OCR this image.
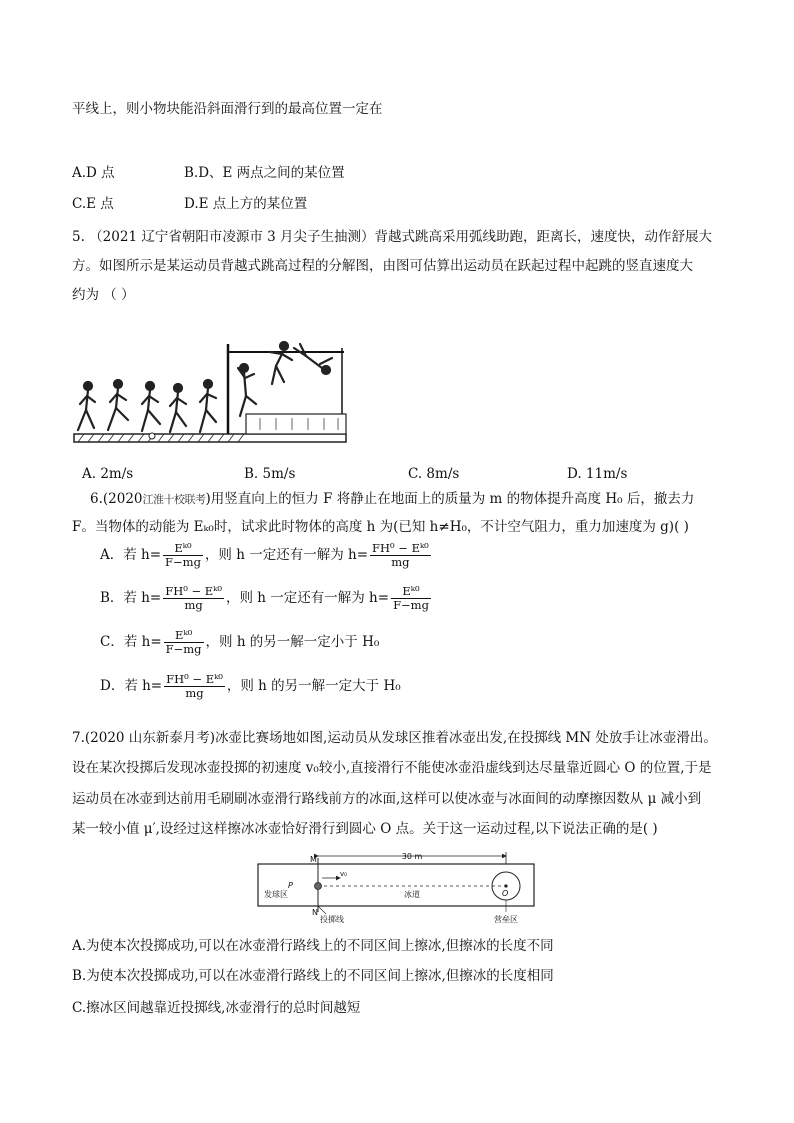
平线上，则小物块能沿斜面滑行到的最高位置一定在
A.D 点	B.D、E 两点之间的某位置
C.E 点	D.E 点上方的某位置
5. （2021 辽宁省朝阳市凌源市 3 月尖子生抽测）背越式跳高采用弧线助跑，距离长，速度快，动作舒展大
方。如图所示是某运动员背越式跳高过程的分解图，由图可估算出运动员在跃起过程中起跳的竖直速度大
约为 （ ）
A. 2m/s	B. 5m/s	C. 8m/s	D. 11m/s
6.(2020江淮十校联考)用竖直向上的恒力 F 将静止在地面上的质量为 m 的物体提升高度 H₀ 后，撤去力
F。当物体的动能为 Eₖ₀时，试求此时物体的高度 h 为(已知 h≠H₀，不计空气阻力，重力加速度为 g)( )
A．若 $h= \frac{\text{Eᵏ⁰}}{F-mg}$ ，则 h 一定还有一解为 $h= \frac{\text{FH⁰ − Eᵏ⁰}}{mg}$
B．若 $h= \frac{\text{FH⁰ − Eᵏ⁰}}{mg}$ ，则 h 一定还有一解为 $h= \frac{\text{Eᵏ⁰}}{F-mg}$
C．若 $h= \frac{\text{Eᵏ⁰}}{F-mg}$ ，则 h 的另一解一定小于 H₀
D．若 $h= \frac{\text{FH⁰ − Eᵏ⁰}}{mg}$ ，则 h 的另一解一定大于 H₀
7.(2020 山东新泰月考)冰壶比赛场地如图,运动员从发球区推着冰壶出发,在投掷线 MN 处放手让冰壶滑出。
设在某次投掷后发现冰壶投掷的初速度 v₀较小,直接滑行不能使冰壶沿虚线到达尽量靠近圆心 O 的位置,于是
运动员在冰壶到达前用毛刷刷冰壶滑行路线前方的冰面,这样可以使冰壶与冰面间的动摩擦因数从 μ 减小到
某一较小值 μ′,设经过这样擦冰冰壶恰好滑行到圆心 O 点。关于这一运动过程,以下说法正确的是( )
30 m
M
N
P
O
v₀
发球区	冰道
营垒区
投掷线
A.为使本次投掷成功,可以在冰壶滑行路线上的不同区间上擦冰,但擦冰的长度不同
B.为使本次投掷成功,可以在冰壶滑行路线上的不同区间上擦冰,但擦冰的长度相同
C.擦冰区间越靠近投掷线,冰壶滑行的总时间越短
